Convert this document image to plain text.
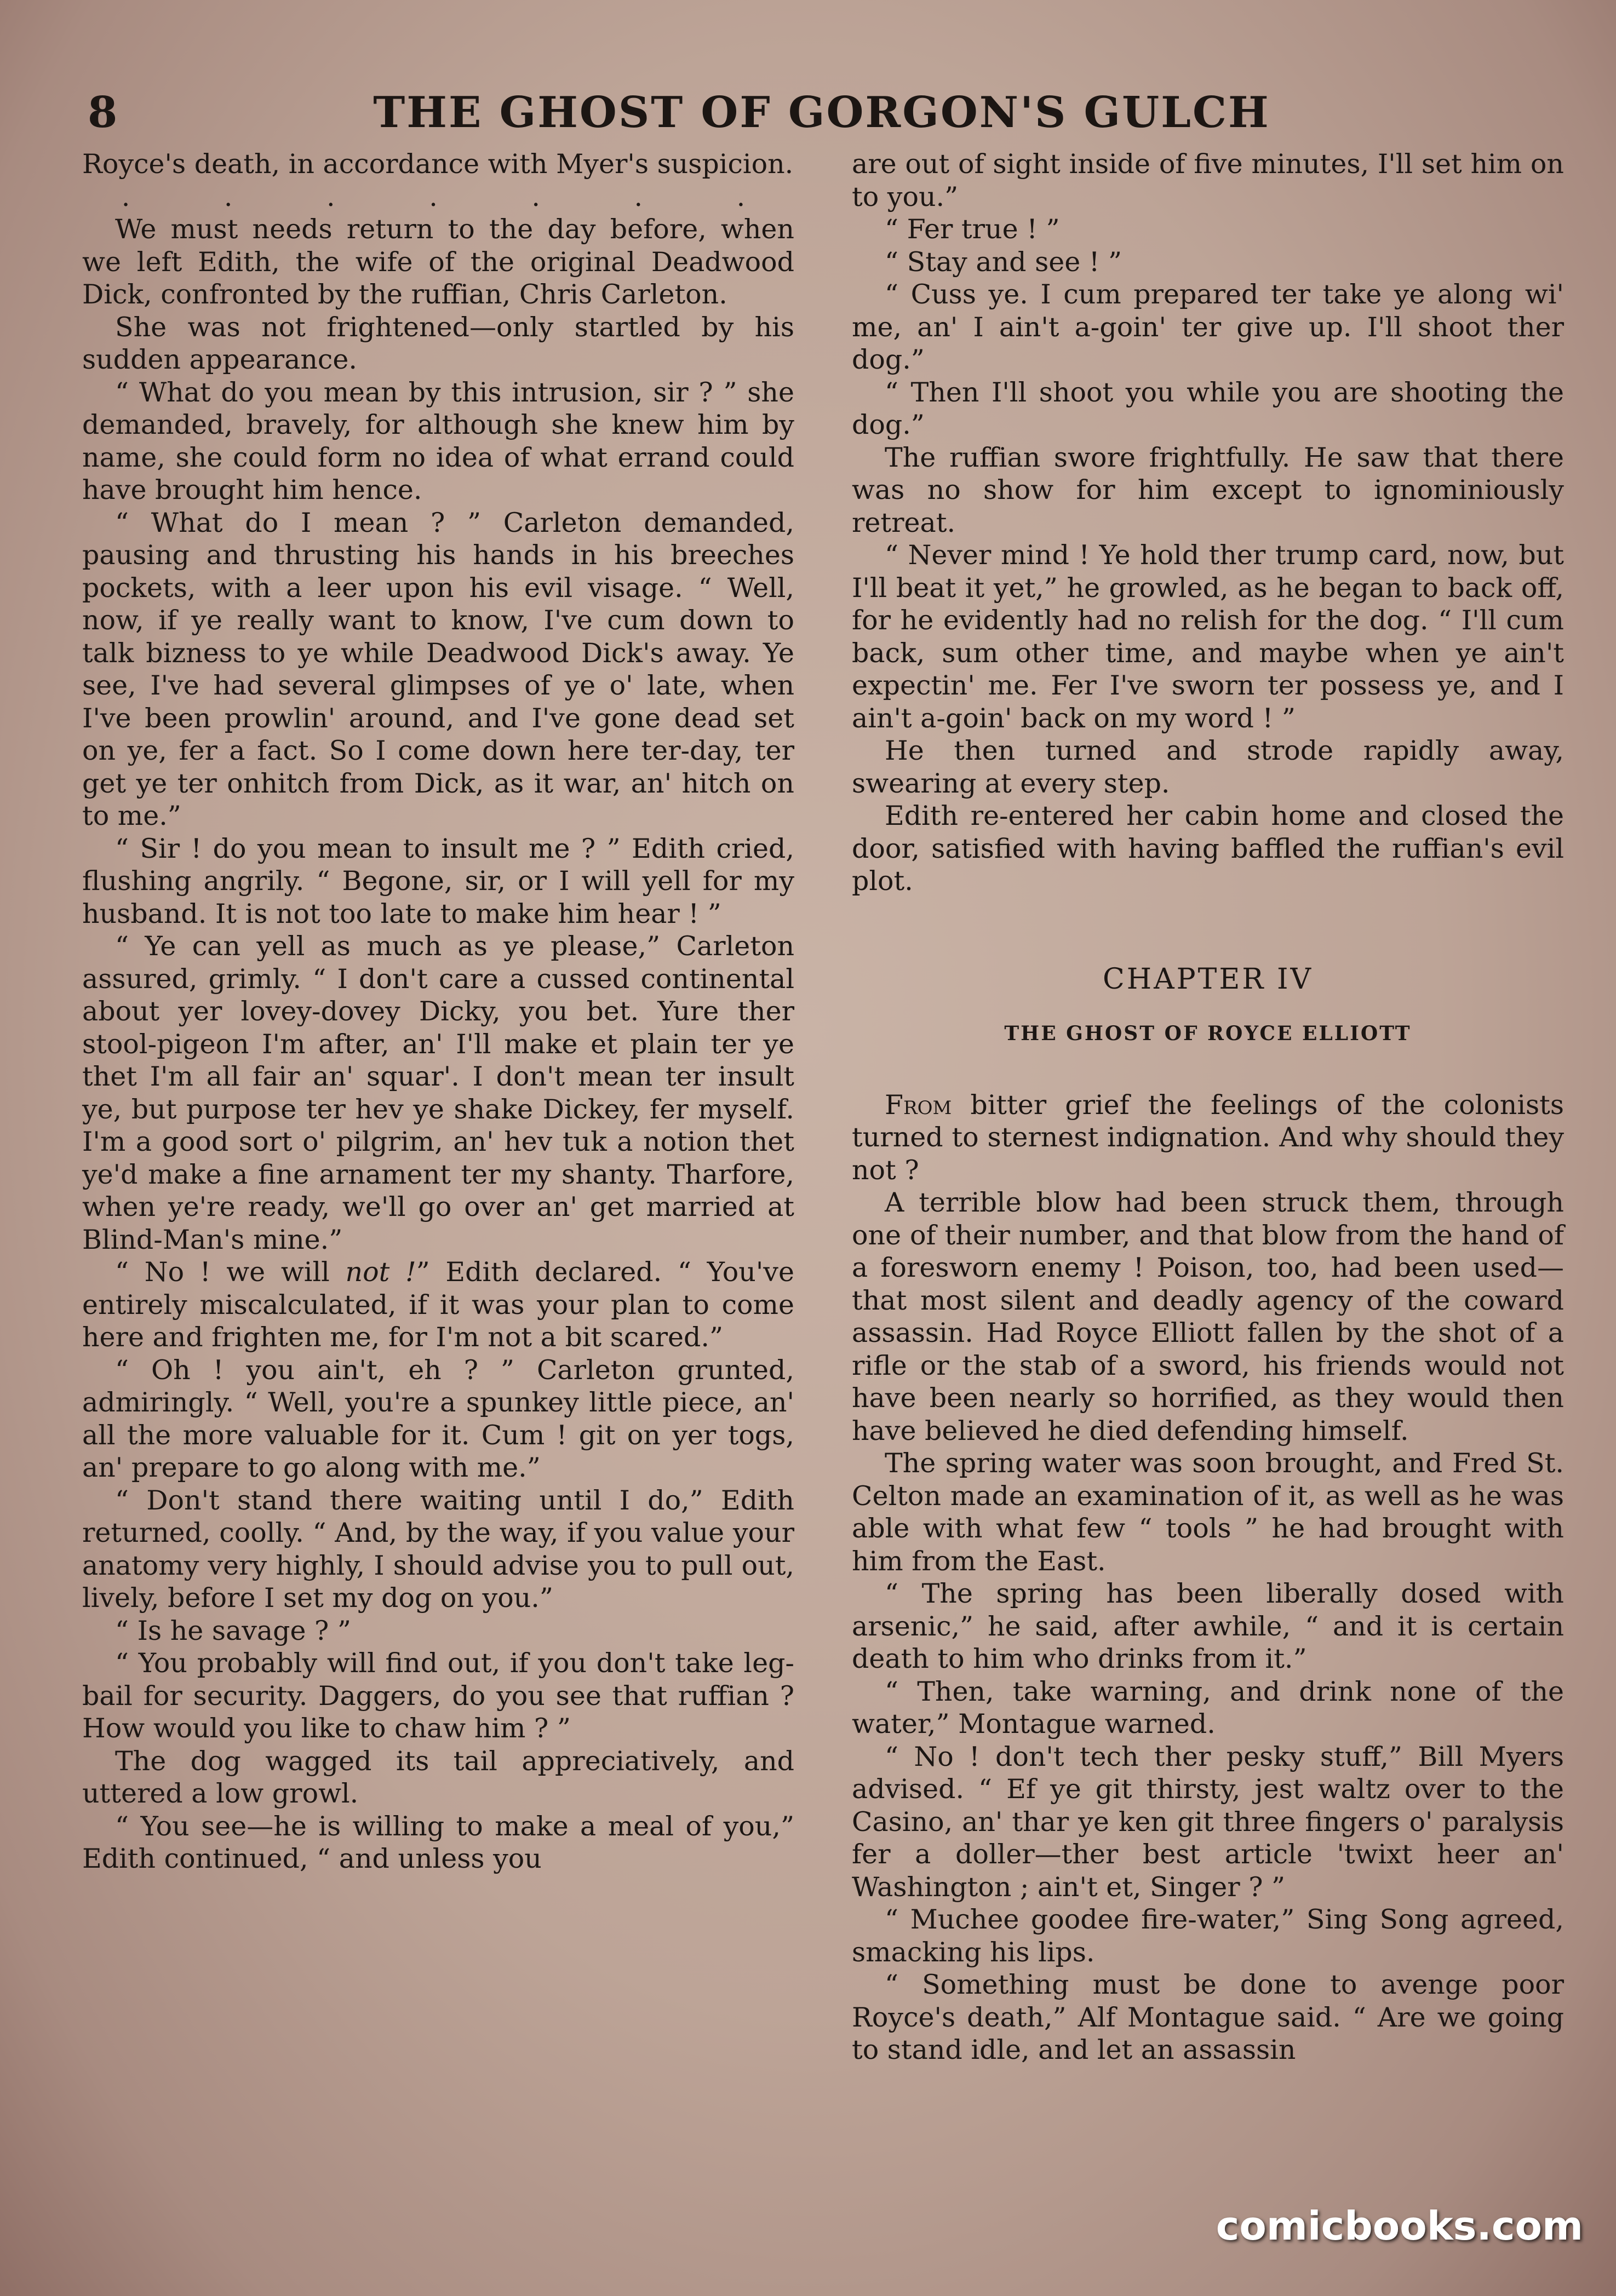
8	THE GHOST OF GORGON'S GULCH

Royce's death, in accordance with Myer's suspicion.

. . . . . . .

We must needs return to the day before, when we left Edith, the wife of the original Deadwood Dick, confronted by the ruffian, Chris Carleton.

She was not frightened—only startled by his sudden appearance.

“ What do you mean by this intrusion, sir ? ” she demanded, bravely, for although she knew him by name, she could form no idea of what errand could have brought him hence.

“ What do I mean ? ” Carleton demanded, pausing and thrusting his hands in his breeches pockets, with a leer upon his evil visage. “ Well, now, if ye really want to know, I've cum down to talk bizness to ye while Deadwood Dick's away. Ye see, I've had several glimpses of ye o' late, when I've been prowlin' around, and I've gone dead set on ye, fer a fact. So I come down here ter-day, ter get ye ter onhitch from Dick, as it war, an' hitch on to me.”

“ Sir ! do you mean to insult me ? ” Edith cried, flushing angrily. “ Begone, sir, or I will yell for my husband. It is not too late to make him hear ! ”

“ Ye can yell as much as ye please,” Carleton assured, grimly. “ I don't care a cussed continental about yer lovey-dovey Dicky, you bet. Yure ther stool-pigeon I'm after, an' I'll make et plain ter ye thet I'm all fair an' squar'. I don't mean ter insult ye, but purpose ter hev ye shake Dickey, fer myself. I'm a good sort o' pilgrim, an' hev tuk a notion thet ye'd make a fine arnament ter my shanty. Tharfore, when ye're ready, we'll go over an' get married at Blind-Man's mine.”

“ No ! we will not !” Edith declared. “ You've entirely miscalculated, if it was your plan to come here and frighten me, for I'm not a bit scared.”

“ Oh ! you ain't, eh ? ” Carleton grunted, admiringly. “ Well, you're a spunkey little piece, an' all the more valuable for it. Cum ! git on yer togs, an' prepare to go along with me.”

“ Don't stand there waiting until I do,” Edith returned, coolly. “ And, by the way, if you value your anatomy very highly, I should advise you to pull out, lively, before I set my dog on you.”

“ Is he savage ? ”

“ You probably will find out, if you don't take leg-bail for security. Daggers, do you see that ruffian ? How would you like to chaw him ? ”

The dog wagged its tail appreciatively, and uttered a low growl.

“ You see—he is willing to make a meal of you,” Edith continued, “ and unless you

are out of sight inside of five minutes, I'll set him on to you.”

“ Fer true ! ”

“ Stay and see ! ”

“ Cuss ye. I cum prepared ter take ye along wi' me, an' I ain't a-goin' ter give up. I'll shoot ther dog.”

“ Then I'll shoot you while you are shooting the dog.”

The ruffian swore frightfully. He saw that there was no show for him except to ignominiously retreat.

“ Never mind ! Ye hold ther trump card, now, but I'll beat it yet,” he growled, as he began to back off, for he evidently had no relish for the dog. “ I'll cum back, sum other time, and maybe when ye ain't expectin' me. Fer I've sworn ter possess ye, and I ain't a-goin' back on my word ! ”

He then turned and strode rapidly away, swearing at every step.

Edith re-entered her cabin home and closed the door, satisfied with having baffled the ruffian's evil plot.

CHAPTER IV

THE GHOST OF ROYCE ELLIOTT

From bitter grief the feelings of the colonists turned to sternest indignation. And why should they not ?

A terrible blow had been struck them, through one of their number, and that blow from the hand of a foresworn enemy ! Poison, too, had been used—that most silent and deadly agency of the coward assassin. Had Royce Elliott fallen by the shot of a rifle or the stab of a sword, his friends would not have been nearly so horrified, as they would then have believed he died defending himself.

The spring water was soon brought, and Fred St. Celton made an examination of it, as well as he was able with what few “ tools ” he had brought with him from the East.

“ The spring has been liberally dosed with arsenic,” he said, after awhile, “ and it is certain death to him who drinks from it.”

“ Then, take warning, and drink none of the water,” Montague warned.

“ No ! don't tech ther pesky stuff,” Bill Myers advised. “ Ef ye git thirsty, jest waltz over to the Casino, an' thar ye ken git three fingers o' paralysis fer a doller—ther best article 'twixt heer an' Washington ; ain't et, Singer ? ”

“ Muchee goodee fire-water,” Sing Song agreed, smacking his lips.

“ Something must be done to avenge poor Royce's death,” Alf Montague said. “ Are we going to stand idle, and let an assassin

comicbooks.com
